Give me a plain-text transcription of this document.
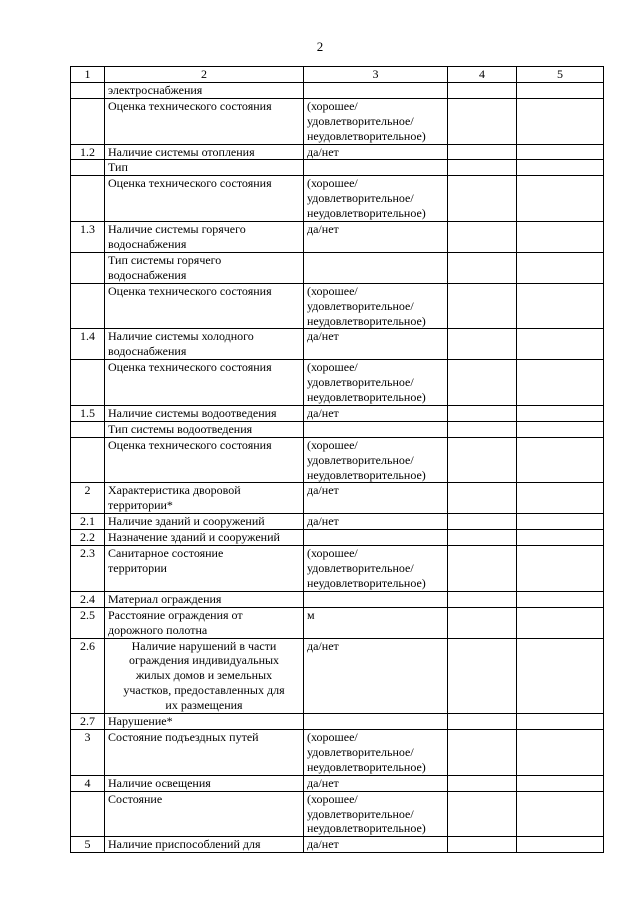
2
1	2	3	4	5
	электроснабжения			
	Оценка технического состояния	(хорошее/
удовлетворительное/
неудовлетворительное)		
1.2	Наличие системы отопления	да/нет		
	Тип			
	Оценка технического состояния	(хорошее/
удовлетворительное/
неудовлетворительное)		
1.3	Наличие системы горячего
водоснабжения	да/нет		
	Тип системы горячего
водоснабжения			
	Оценка технического состояния	(хорошее/
удовлетворительное/
неудовлетворительное)		
1.4	Наличие системы холодного
водоснабжения	да/нет		
	Оценка технического состояния	(хорошее/
удовлетворительное/
неудовлетворительное)		
1.5	Наличие системы водоотведения	да/нет		
	Тип системы водоотведения			
	Оценка технического состояния	(хорошее/
удовлетворительное/
неудовлетворительное)		
2	Характеристика дворовой
территории*	да/нет		
2.1	Наличие зданий и сооружений	да/нет		
2.2	Назначение зданий и сооружений			
2.3	Санитарное состояние
территории	(хорошее/
удовлетворительное/
неудовлетворительное)		
2.4	Материал ограждения			
2.5	Расстояние ограждения от
дорожного полотна	м		
2.6	Наличие нарушений в части
ограждения индивидуальных
жилых домов и земельных
участков, предоставленных для
их размещения	да/нет		
2.7	Нарушение*			
3	Состояние подъездных путей	(хорошее/
удовлетворительное/
неудовлетворительное)		
4	Наличие освещения	да/нет		
	Состояние	(хорошее/
удовлетворительное/
неудовлетворительное)		
5	Наличие приспособлений для	да/нет		
